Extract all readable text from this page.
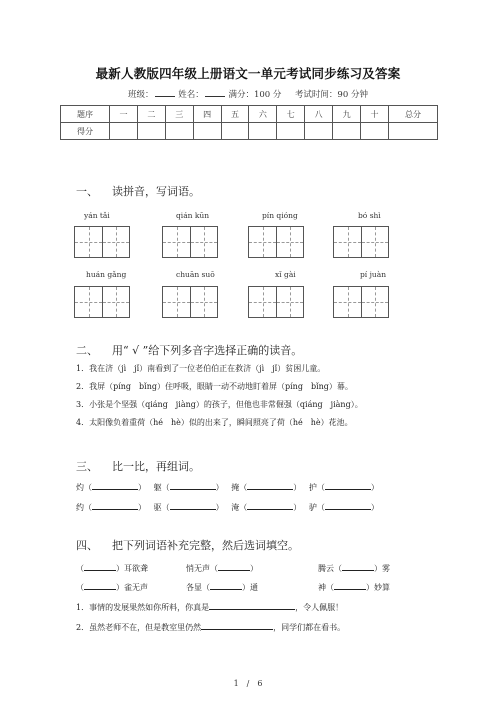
最新人教版四年级上册语文一单元考试同步练习及答案
班级：	姓名：	满分：100 分 考试时间：90 分钟
题序	一	二	三	四	五	六	七	八	九	十	总分
得分											
一、 读拼音，写词语。
yán tǎi	qián kūn	pín qióng	bó shì
huán gǎng	chuān suō	xǐ gài	pí juàn
二、 用“ √ ”给下列多音字选择正确的读音。
1．我在济（jì　jǐ）南看到了一位老伯伯正在救济（jì　jǐ）贫困儿童。
2．我屏（píng　bǐng）住呼吸，眼睛一动不动地盯着屏（píng　bǐng）幕。
3．小张是个坚强（qiáng　jiàng）的孩子，但他也非常倔强（qiáng　jiàng）。
4．太阳像负着重荷（hé　hè）似的出来了，瞬间照亮了荷（hé　hè）花池。
三、 比一比，再组词。
灼（	）   躯（	）   掩（	）   护（	）
约（	）   驱（	）   淹（	）   驴（	）
四、 把下列词语补充完整，然后选词填空。
（	）耳欲聋	悄无声（	）	腾云（	）雾
（	）雀无声	各显（	）通	神（	）妙算
1．事情的发展果然如你所料，你真是	，令人佩服！
2．虽然老师不在，但是教室里仍然	，同学们都在看书。
1　/　6
